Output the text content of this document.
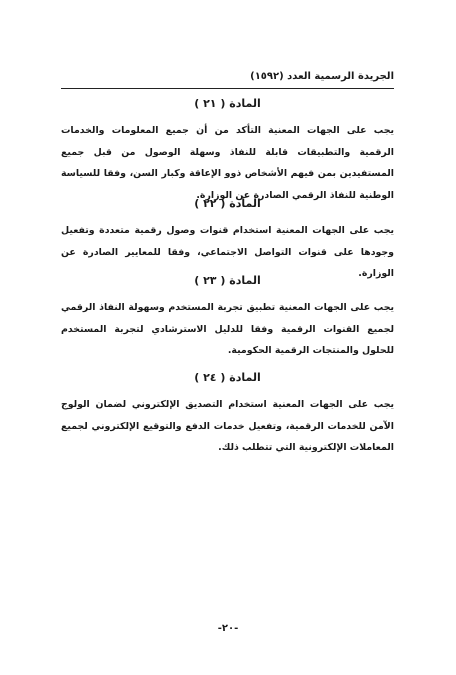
الجريدة الرسمية العدد (١٥٩٢)

المادة ( ٢١ )

يجب على الجهات المعنية التأكد من أن جميع المعلومات والخدمات الرقمية والتطبيقات قابلة للنفاذ وسهلة الوصول من قبل جميع المستفيدين بمن فيهم الأشخاص ذوو الإعاقة وكبار السن، وفقا للسياسة الوطنية للنفاذ الرقمي الصادرة عن الوزارة.

المادة ( ٢٢ )

يجب على الجهات المعنية استخدام قنوات وصول رقمية متعددة وتفعيل وجودها على قنوات التواصل الاجتماعي، وفقا للمعايير الصادرة عن الوزارة.

المادة ( ٢٣ )

يجب على الجهات المعنية تطبيق تجربة المستخدم وسهولة النفاذ الرقمي لجميع القنوات الرقمية وفقا للدليل الاسترشادي لتجربة المستخدم للحلول والمنتجات الرقمية الحكومية.

المادة ( ٢٤ )

يجب على الجهات المعنية استخدام التصديق الإلكتروني لضمان الولوج الآمن للخدمات الرقمية، وتفعيل خدمات الدفع والتوقيع الإلكتروني لجميع المعاملات الإلكترونية التي تتطلب ذلك.

-٢٠-
